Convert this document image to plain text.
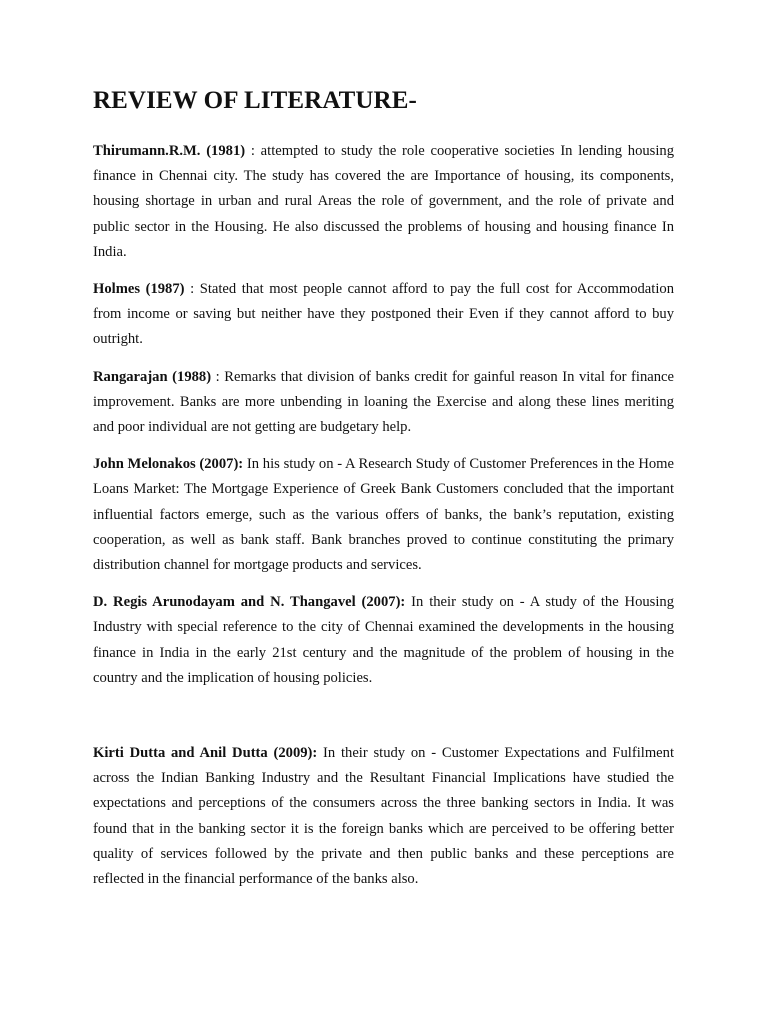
REVIEW OF LITERATURE-

Thirumann.R.M. (1981) : attempted to study the role cooperative societies In lending housing finance in Chennai city. The study has covered the are Importance of housing, its components, housing shortage in urban and rural Areas the role of government, and the role of private and public sector in the Housing. He also discussed the problems of housing and housing finance In India.

Holmes (1987) : Stated that most people cannot afford to pay the full cost for Accommodation from income or saving but neither have they postponed their Even if they cannot afford to buy outright.

Rangarajan (1988) : Remarks that division of banks credit for gainful reason In vital for finance improvement. Banks are more unbending in loaning the Exercise and along these lines meriting and poor individual are not getting are budgetary help.

John Melonakos (2007): In his study on - A Research Study of Customer Preferences in the Home Loans Market: The Mortgage Experience of Greek Bank Customers concluded that the important influential factors emerge, such as the various offers of banks, the bank’s reputation, existing cooperation, as well as bank staff. Bank branches proved to continue constituting the primary distribution channel for mortgage products and services.

D. Regis Arunodayam and N. Thangavel (2007): In their study on - A study of the Housing Industry with special reference to the city of Chennai examined the developments in the housing finance in India in the early 21st century and the magnitude of the problem of housing in the country and the implication of housing policies.

Kirti Dutta and Anil Dutta (2009): In their study on - Customer Expectations and Fulfilment across the Indian Banking Industry and the Resultant Financial Implications have studied the expectations and perceptions of the consumers across the three banking sectors in India. It was found that in the banking sector it is the foreign banks which are perceived to be offering better quality of services followed by the private and then public banks and these perceptions are reflected in the financial performance of the banks also.
